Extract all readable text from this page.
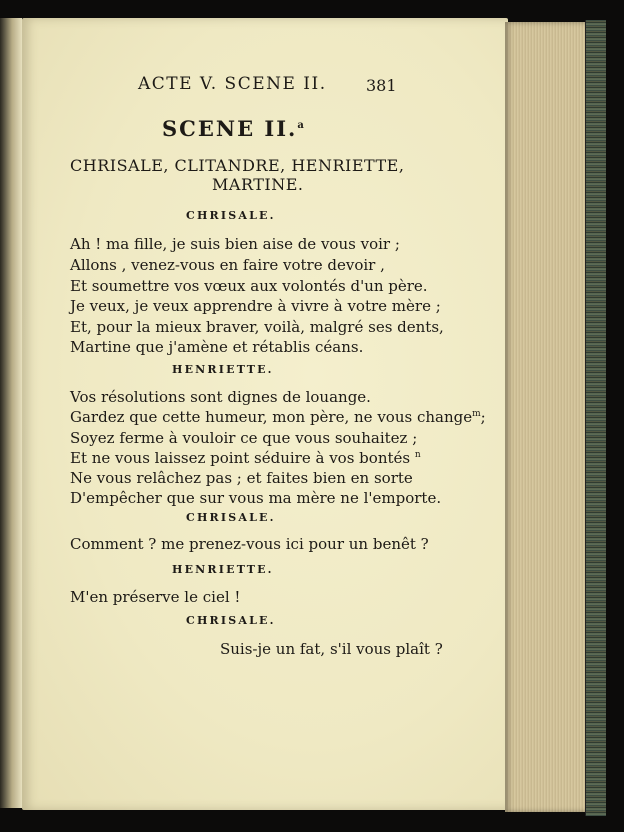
ACTE V. SCENE II. 381
SCENE II.$^a$
CHRISALE, CLITANDRE, HENRIETTE,
MARTINE.
CHRISALE.
Ah ! ma fille, je suis bien aise de vous voir ;
Allons , venez-vous en faire votre devoir ,
Et soumettre vos vœux aux volontés d'un père.
Je veux, je veux apprendre à vivre à votre mère ;
Et, pour la mieux braver, voilà, malgré ses dents,
Martine que j'amène et rétablis céans.
HENRIETTE.
Vos résolutions sont dignes de louange.
Gardez que cette humeur, mon père, ne vous change$^m$;
Soyez ferme à vouloir ce que vous souhaitez ;
Et ne vous laissez point séduire à vos bontés $^n$
Ne vous relâchez pas ; et faites bien en sorte
D'empêcher que sur vous ma mère ne l'emporte.
CHRISALE.
Comment ? me prenez-vous ici pour un benêt ?
HENRIETTE.
M'en préserve le ciel !
CHRISALE.
Suis-je un fat, s'il vous plaît ?
